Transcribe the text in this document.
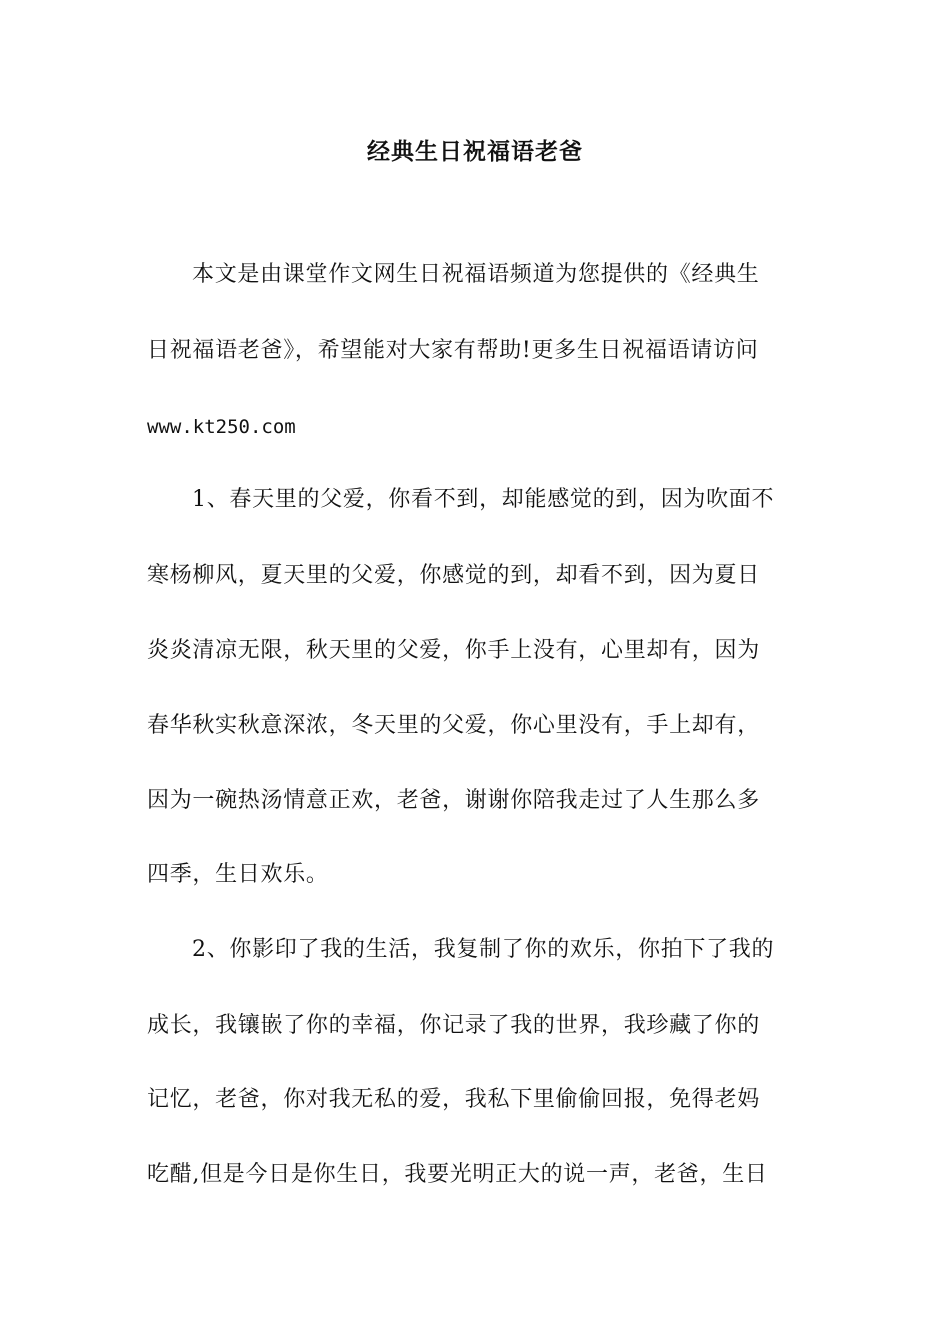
经典生日祝福语老爸
本文是由课堂作文网生日祝福语频道为您提供的《经典生
日祝福语老爸》，希望能对大家有帮助!更多生日祝福语请访问
www.kt250.com
1、春天里的父爱，你看不到，却能感觉的到，因为吹面不
寒杨柳风，夏天里的父爱，你感觉的到，却看不到，因为夏日
炎炎清凉无限，秋天里的父爱，你手上没有，心里却有，因为
春华秋实秋意深浓，冬天里的父爱，你心里没有，手上却有，
因为一碗热汤情意正欢，老爸，谢谢你陪我走过了人生那么多
四季，生日欢乐。
2、你影印了我的生活，我复制了你的欢乐，你拍下了我的
成长，我镶嵌了你的幸福，你记录了我的世界，我珍藏了你的
记忆，老爸，你对我无私的爱，我私下里偷偷回报，免得老妈
吃醋,但是今日是你生日，我要光明正大的说一声，老爸，生日
